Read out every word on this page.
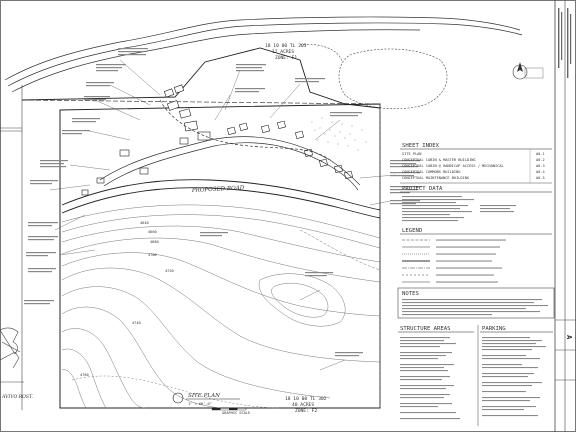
AVIVO ROST.
18 10 00 TL 203
12 ACRES
ZONE: F1
PROPOSED ROAD
4640
4660
4680
4700
4720
4740
4760
SITE PLAN
1" = 60'-0"
GRAPHIC SCALE
18 10 00 TL 302
40 ACRES
ZONE: F2
SHEET INDEX
SITE PLAN	A0.1
CONCEPTUAL CABIN & MASTER BUILDING	A0.2
CONCEPTUAL CABIN @ HANDICAP ACCESS / MECHANICAL	A0.3
CONCEPTUAL COMMONS BUILDING	A0.4
CONCEPTUAL MAINTENANCE BUILDING	A0.5
PROJECT DATA
LEGEND
NOTES
STRUCTURE AREAS	PARKING
A
